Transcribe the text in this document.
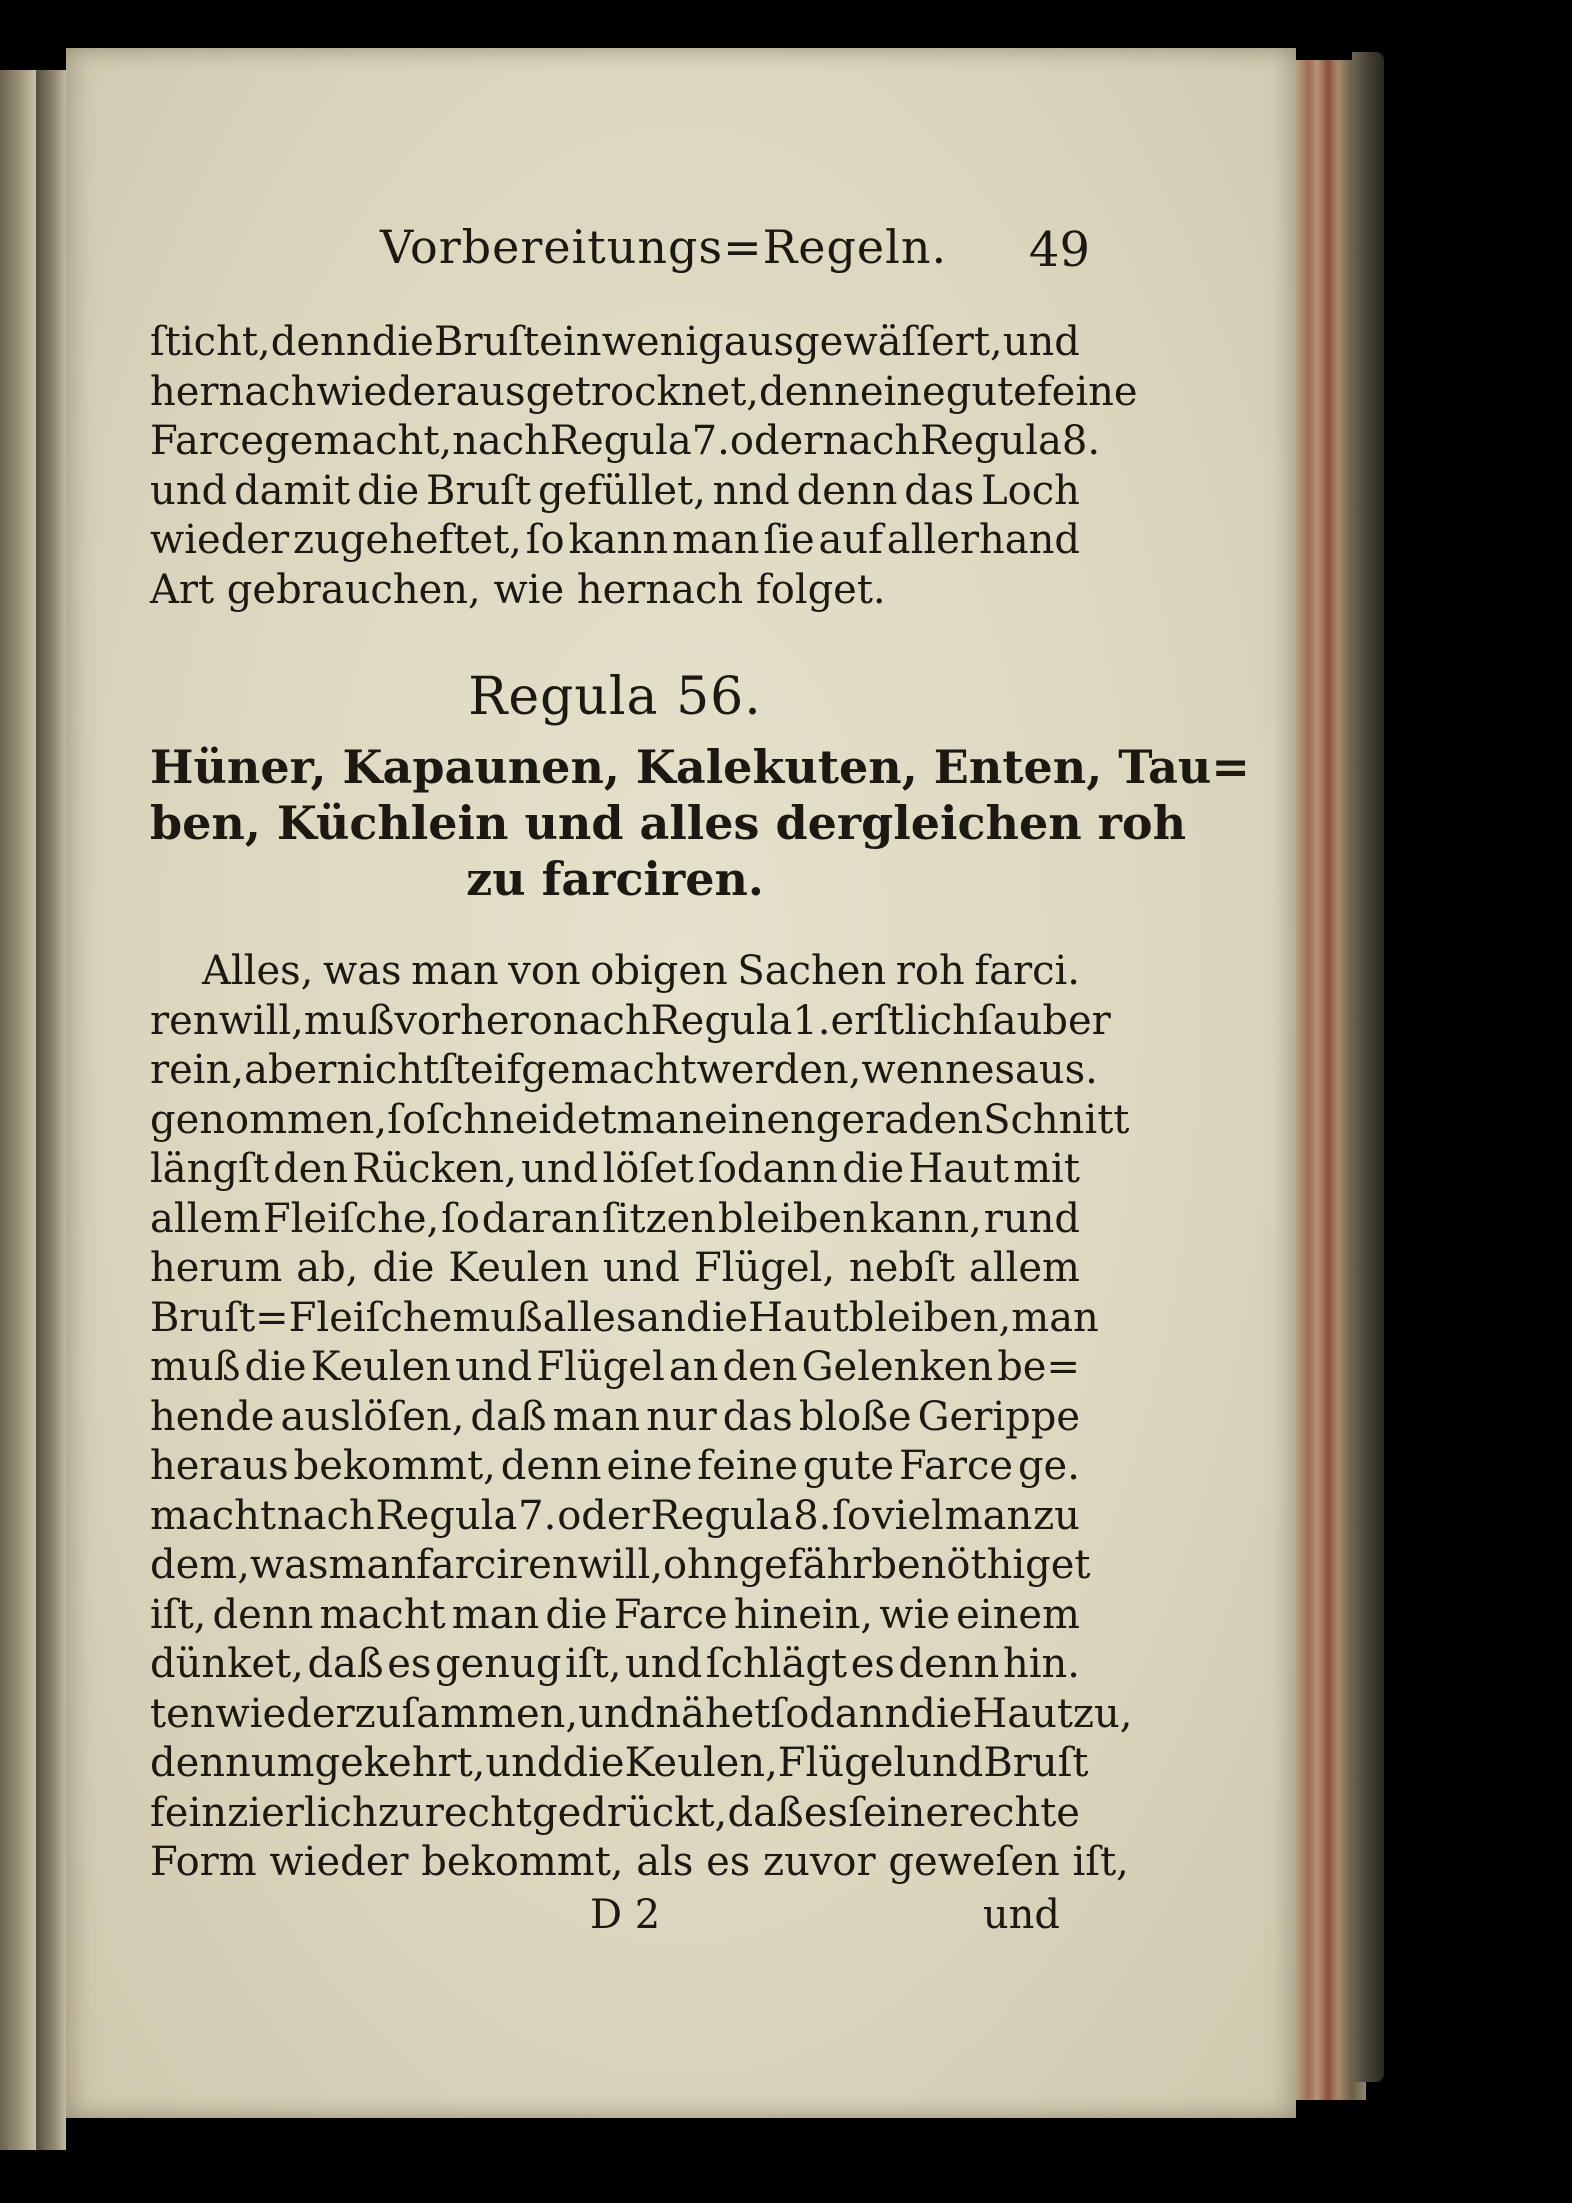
Vorbereitungs=Regeln. 49
ſticht, denn die Bruſt ein wenig ausgewäſſert, und
hernach wieder ausgetrocknet, denn eine gute feine
Farce gemacht, nach Regula 7. oder nach Regula 8.
und damit die Bruſt gefüllet, nnd denn das Loch
wieder zugeheftet, ſo kann man ſie auf allerhand
Art gebrauchen, wie hernach folget.
Regula 56.
Hüner, Kapaunen, Kalekuten, Enten, Tau=
ben, Küchlein und alles dergleichen roh
zu farciren.
Alles, was man von obigen Sachen roh farci.
ren will, muß vorhero nach Regula 1. erſtlich ſauber
rein, aber nicht ſteif gemacht werden, wenn es aus.
genommen, ſo ſchneidet man einen geraden Schnitt
längſt den Rücken, und löſet ſodann die Haut mit
allem Fleiſche, ſo daran ſitzen bleiben kann, rund
herum ab, die Keulen und Flügel, nebſt allem
Bruſt=Fleiſche muß alles an die Haut bleiben, man
muß die Keulen und Flügel an den Gelenken be=
hende auslöſen, daß man nur das bloße Gerippe
heraus bekommt, denn eine feine gute Farce ge.
macht nach Regula 7. oder Regula 8. ſo viel man zu
dem, was man farciren will, ohngefähr benöthiget
iſt, denn macht man die Farce hinein, wie einem
dünket, daß es genug iſt, und ſchlägt es denn hin.
ten wieder zuſammen, und nähet ſodann die Haut zu,
denn umgekehrt, und die Keulen, Flügel und Bruſt
fein zierlich zurecht gedrückt, daß es ſeine rechte
Form wieder bekommt, als es zuvor geweſen iſt,
D 2	und
